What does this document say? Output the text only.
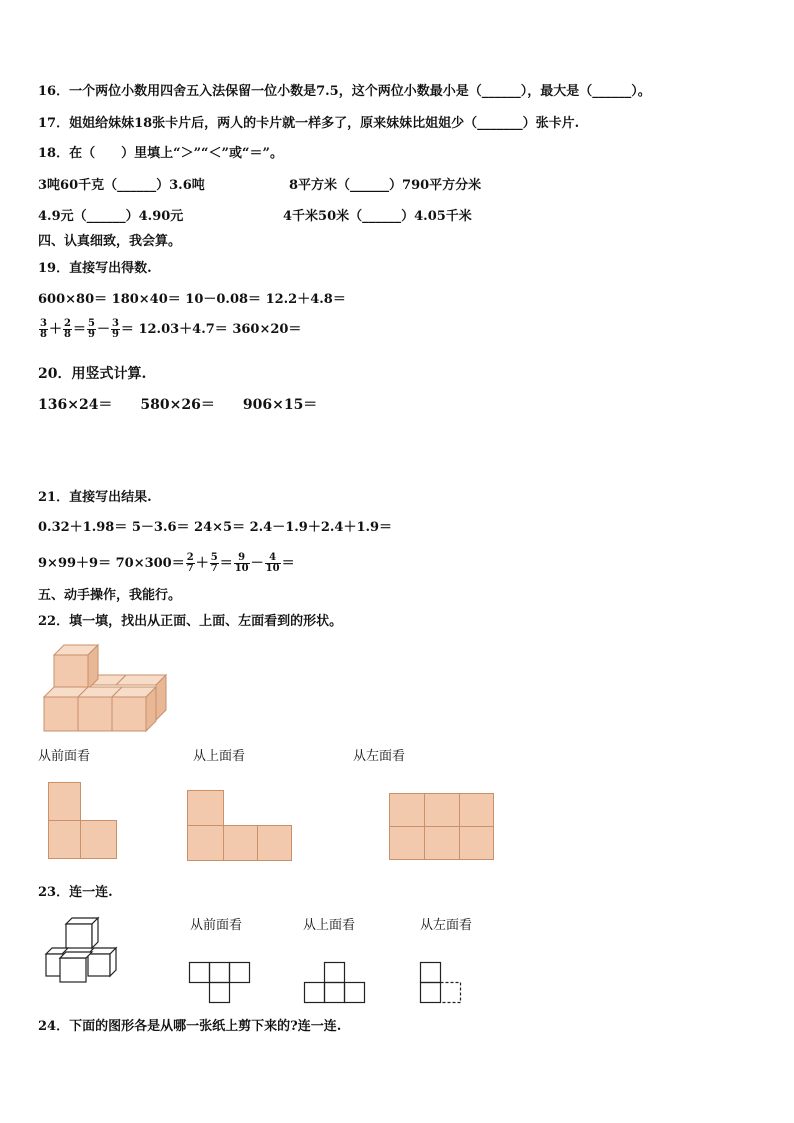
16．一个两位小数用四舍五入法保留一位小数是7.5，这个两位小数最小是（______），最大是（______）。
17．姐姐给妹妹18张卡片后，两人的卡片就一样多了，原来妹妹比姐姐少（_______）张卡片.
18．在（　　）里填上“＞”“＜”或“＝”。
3吨60千克（______）3.6吨	8平方米（______）790平方分米
4.9元（______）4.90元	4千米50米（______）4.05千米
四、认真细致，我会算。
19．直接写出得数.
600×80＝ 180×40＝ 10－0.08＝ 12.2＋4.8＝
$\frac{3}{8} + \frac{2}{8} = \frac{5}{9} - \frac{3}{9} = 12.03+4.7= 360\times 20=$
20．用竖式计算.
136×24＝　　580×26＝　　906×15＝
21．直接写出结果.
0.32＋1.98＝ 5－3.6＝ 24×5＝ 2.4－1.9＋2.4＋1.9＝
$9\times 99+9= 70\times 300= \frac{2}{7} + \frac{5}{7} = \frac{9}{10} - \frac{4}{10}$ ＝
五、动手操作，我能行。
22．填一填，找出从正面、上面、左面看到的形状。
从前面看	从上面看	从左面看
23．连一连.
从前面看	从上面看	从左面看
24．下面的图形各是从哪一张纸上剪下来的?连一连.
